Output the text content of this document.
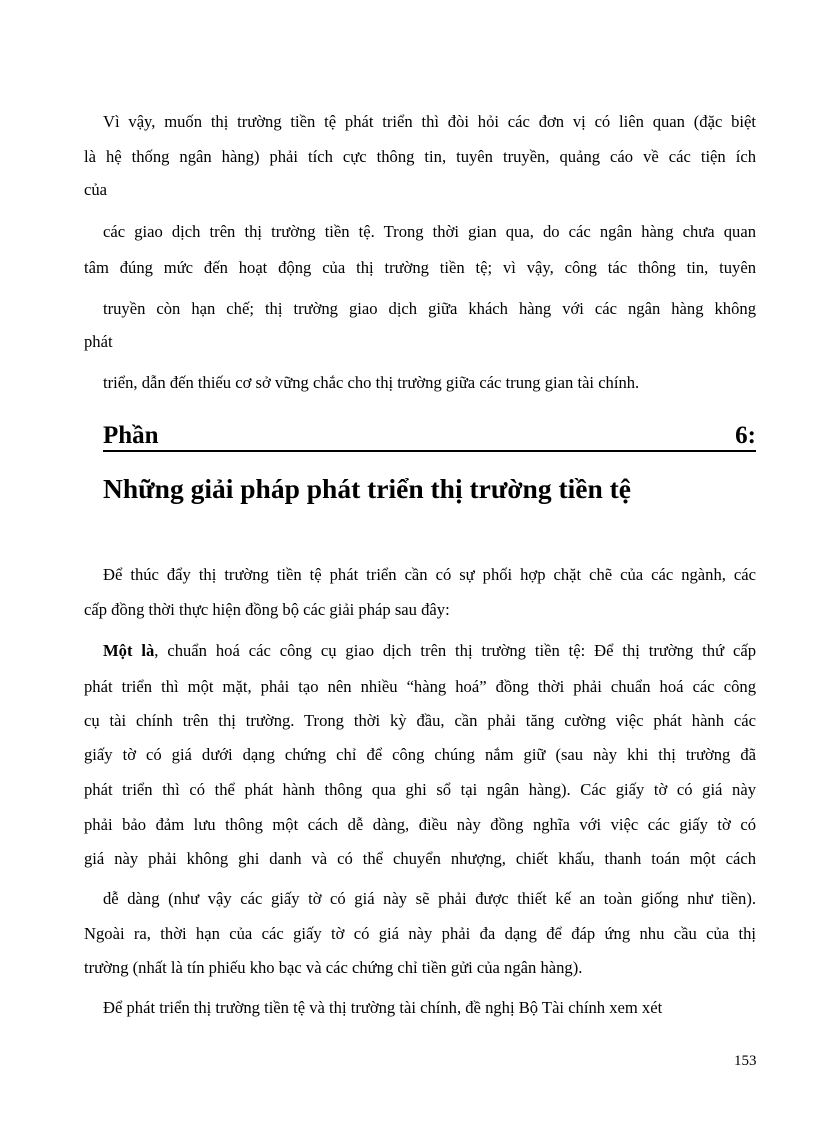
Vì vậy, muốn thị trường tiền tệ phát triển thì đòi hỏi các đơn vị có liên quan (đặc biệt

là hệ thống ngân hàng) phải tích cực thông tin, tuyên truyền, quảng cáo về các tiện ích

của

các giao dịch trên thị trường tiền tệ. Trong thời gian qua, do các ngân hàng chưa quan

tâm đúng mức đến hoạt động của thị trường tiền tệ; vì vậy, công tác thông tin, tuyên

truyền còn hạn chế; thị trường giao dịch giữa khách hàng với các ngân hàng không

phát

triển, dẫn đến thiếu cơ sở vững chắc cho thị trường giữa các trung gian tài chính.

Phần	6:
Những giải pháp phát triển thị trường tiền tệ

Để thúc đẩy thị trường tiền tệ phát triển cần có sự phối hợp chặt chẽ của các ngành, các

cấp đồng thời thực hiện đồng bộ các giải pháp sau đây:

Một là, chuẩn hoá các công cụ giao dịch trên thị trường tiền tệ: Để thị trường thứ cấp

phát triển thì một mặt, phải tạo nên nhiều “hàng hoá” đồng thời phải chuẩn hoá các công

cụ tài chính trên thị trường. Trong thời kỳ đầu, cần phải tăng cường việc phát hành các

giấy tờ có giá dưới dạng chứng chỉ để công chúng nắm giữ (sau này khi thị trường đã

phát triển thì có thể phát hành thông qua ghi sổ tại ngân hàng). Các giấy tờ có giá này

phải bảo đảm lưu thông một cách dễ dàng, điều này đồng nghĩa với việc các giấy tờ có

giá này phải không ghi danh và có thể chuyển nhượng, chiết khấu, thanh toán một cách

dễ dàng (như vậy các giấy tờ có giá này sẽ phải được thiết kế an toàn giống như tiền).

Ngoài ra, thời hạn của các giấy tờ có giá này phải đa dạng để đáp ứng nhu cầu của thị

trường (nhất là tín phiếu kho bạc và các chứng chỉ tiền gửi của ngân hàng).

Để phát triển thị trường tiền tệ và thị trường tài chính, đề nghị Bộ Tài chính xem xét

153
